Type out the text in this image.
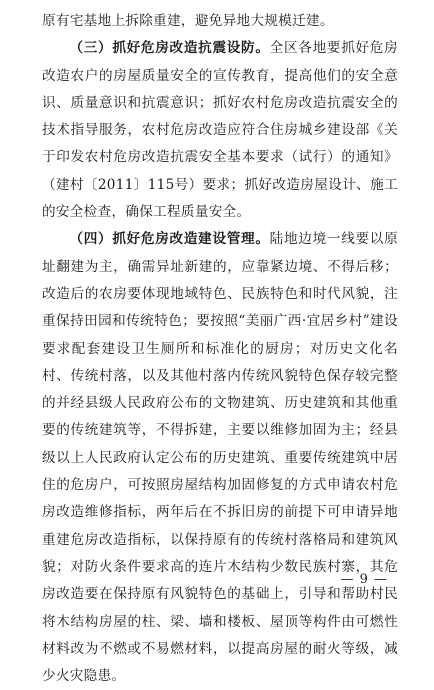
原有宅基地上拆除重建，避免异地大规模迁建。

（三）抓好危房改造抗震设防。全区各地要抓好危房改造农户的房屋质量安全的宣传教育，提高他们的安全意识、质量意识和抗震意识；抓好农村危房改造抗震安全的技术指导服务，农村危房改造应符合住房城乡建设部《关于印发农村危房改造抗震安全基本要求（试行）的通知》（建村〔2011〕115号）要求；抓好改造房屋设计、施工的安全检查，确保工程质量安全。

（四）抓好危房改造建设管理。陆地边境一线要以原址翻建为主，确需异址新建的，应靠紧边境、不得后移；改造后的农房要体现地域特色、民族特色和时代风貌，注重保持田园和传统特色；要按照“美丽广西·宜居乡村”建设要求配套建设卫生厕所和标准化的厨房；对历史文化名村、传统村落，以及其他村落内传统风貌特色保存较完整的并经县级人民政府公布的文物建筑、历史建筑和其他重要的传统建筑等，不得拆建，主要以维修加固为主；经县级以上人民政府认定公布的历史建筑、重要传统建筑中居住的危房户，可按照房屋结构加固修复的方式申请农村危房改造维修指标，两年后在不拆旧房的前提下可申请异地重建危房改造指标，以保持原有的传统村落格局和建筑风貌；对防火条件要求高的连片木结构少数民族村寨，其危房改造要在保持原有风貌特色的基础上，引导和帮助村民将木结构房屋的柱、梁、墙和楼板、屋顶等构件由可燃性材料改为不燃或不易燃材料，以提高房屋的耐火等级，减少火灾隐患。

— 9 —
